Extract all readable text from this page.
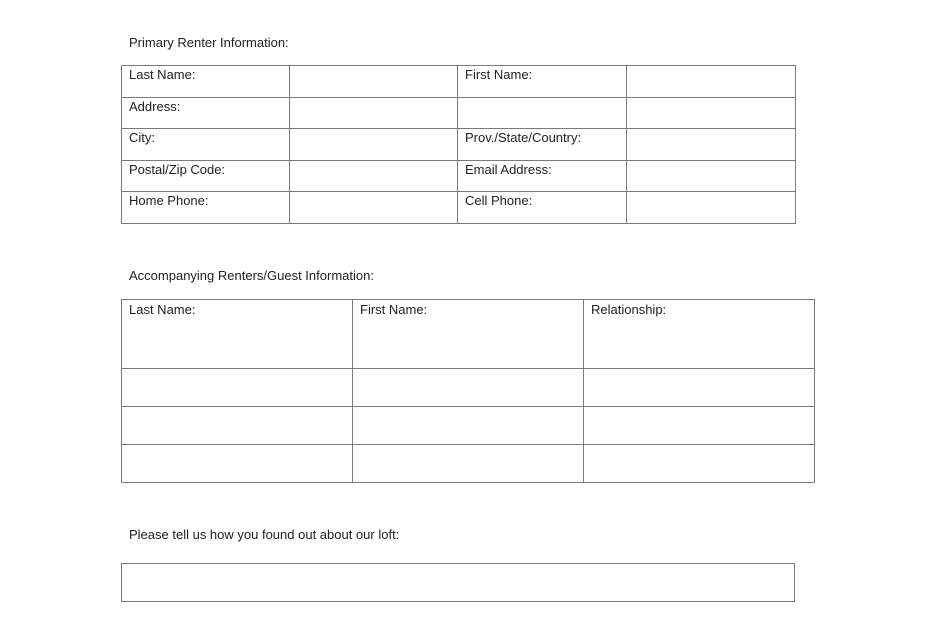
Primary Renter Information:
Last Name:		First Name:	

Address:			

City:		Prov./State/Country:	

Postal/Zip Code:		Email Address:	

Home Phone:		Cell Phone:	

Accompanying Renters/Guest Information:
Last Name:	First Name:	Relationship:

Please tell us how you found out about our loft:
